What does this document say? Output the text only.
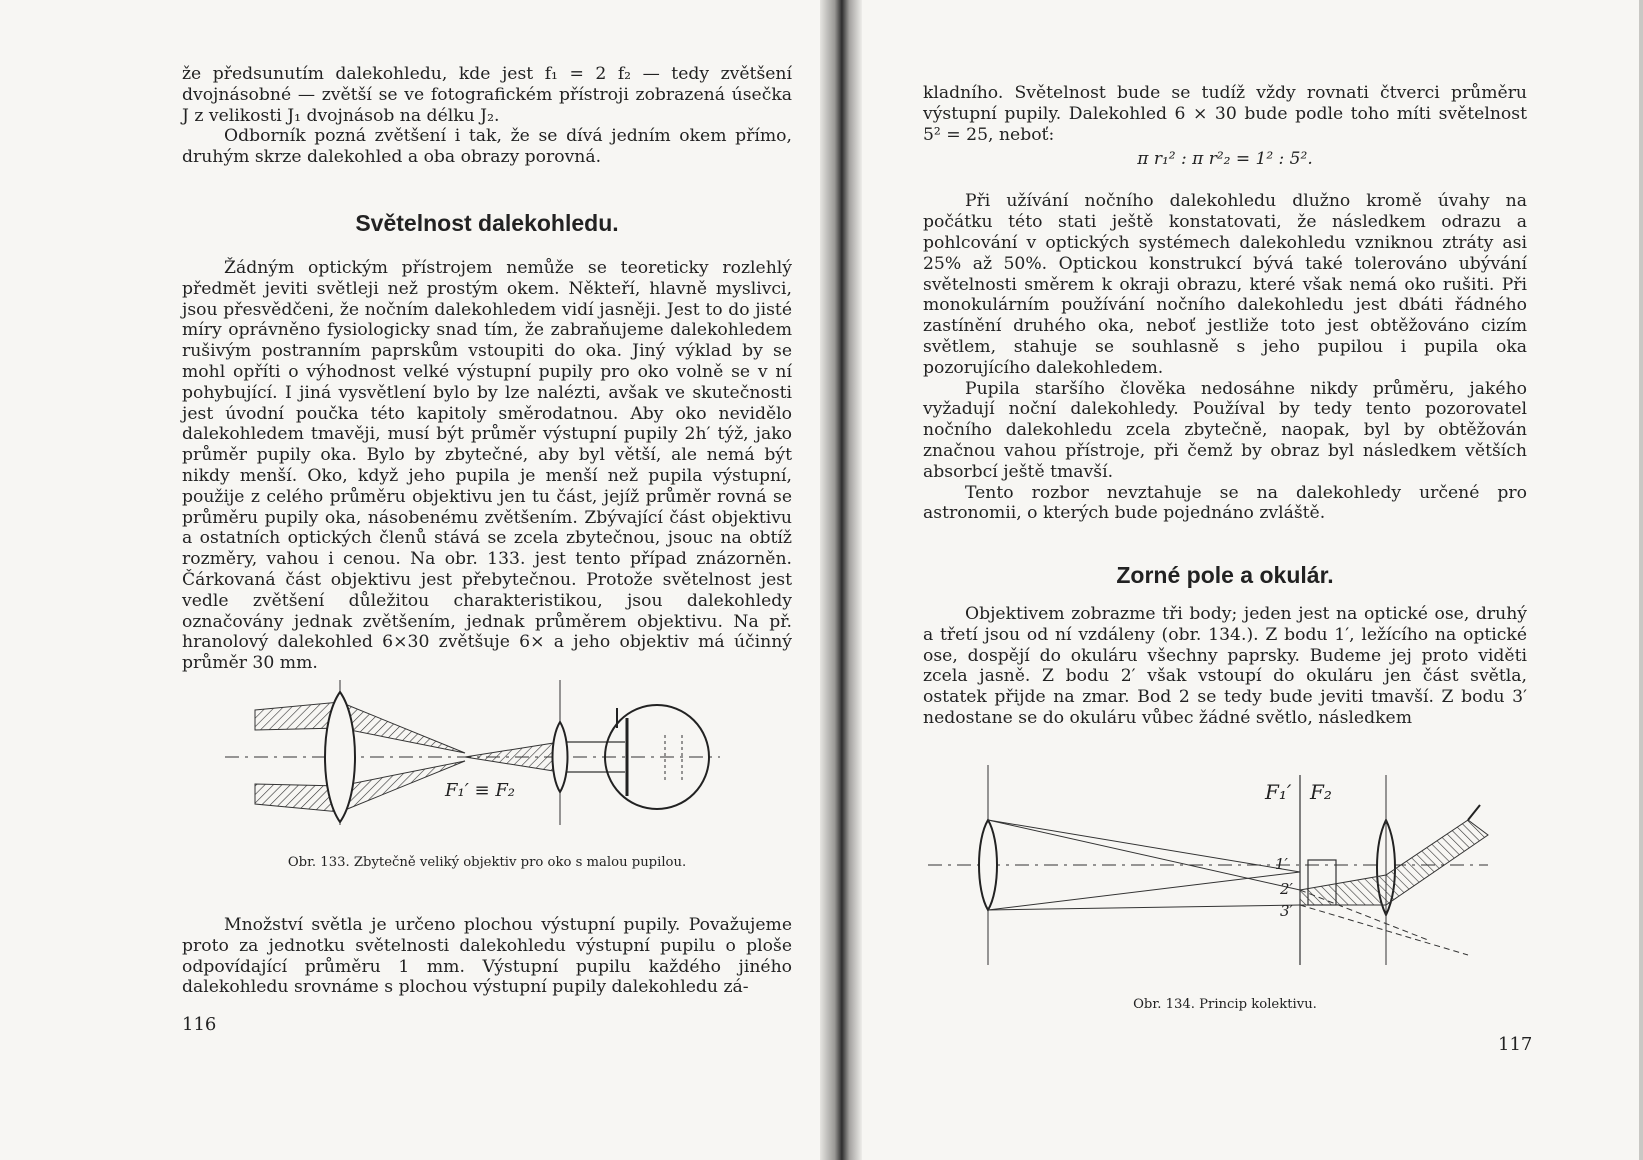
že předsunutím dalekohledu, kde jest f₁ = 2 f₂ — tedy zvětšení dvojnásobné — zvětší se ve fotografickém přístroji zobrazená úsečka J z velikosti J₁ dvojnásob na délku J₂.

Odborník pozná zvětšení i tak, že se dívá jedním okem přímo, druhým skrze dalekohled a oba obrazy porovná.

Světelnost dalekohledu.

Žádným optickým přístrojem nemůže se teoreticky rozlehlý předmět jeviti světleji než prostým okem. Někteří, hlavně myslivci, jsou přesvědčeni, že nočním dalekohledem vidí jasněji. Jest to do jisté míry oprávněno fysiologicky snad tím, že zabraňujeme dalekohledem rušivým postranním paprskům vstoupiti do oka. Jiný výklad by se mohl opříti o výhodnost velké výstupní pupily pro oko volně se v ní pohybující. I jiná vysvětlení bylo by lze nalézti, avšak ve skutečnosti jest úvodní poučka této kapitoly směrodatnou. Aby oko nevidělo dalekohledem tmavěji, musí být průměr výstupní pupily 2h′ týž, jako průměr pupily oka. Bylo by zbytečné, aby byl větší, ale nemá být nikdy menší. Oko, když jeho pupila je menší než pupila výstupní, použije z celého průměru objektivu jen tu část, jejíž průměr rovná se průměru pupily oka, násobenému zvětšením. Zbývající část objektivu a ostatních optických členů stává se zcela zbytečnou, jsouc na obtíž rozměry, vahou i cenou. Na obr. 133. jest tento případ znázorněn. Čárkovaná část objektivu jest přebytečnou. Protože světelnost jest vedle zvětšení důležitou charakteristikou, jsou dalekohledy označovány jednak zvětšením, jednak průměrem objektivu. Na př. hranolový dalekohled 6×30 zvětšuje 6× a jeho objektiv má účinný průměr 30 mm.

F₁′ ≡ F₂
Obr. 133. Zbytečně veliký objektiv pro oko s malou pupilou.

Množství světla je určeno plochou výstupní pupily. Považujeme proto za jednotku světelnosti dalekohledu výstupní pupilu o ploše odpovídající průměru 1 mm. Výstupní pupilu každého jiného dalekohledu srovnáme s plochou výstupní pupily dalekohledu zá-

116

kladního. Světelnost bude se tudíž vždy rovnati čtverci průměru výstupní pupily. Dalekohled 6 × 30 bude podle toho míti světelnost 5² = 25, neboť:

π r₁² : π r²₂ = 1² : 5².

Při užívání nočního dalekohledu dlužno kromě úvahy na počátku této stati ještě konstatovati, že následkem odrazu a pohlcování v optických systémech dalekohledu vzniknou ztráty asi 25% až 50%. Optickou konstrukcí bývá také tolerováno ubývání světelnosti směrem k okraji obrazu, které však nemá oko rušiti. Při monokulárním používání nočního dalekohledu jest dbáti řádného zastínění druhého oka, neboť jestliže toto jest obtěžováno cizím světlem, stahuje se souhlasně s jeho pupilou i pupila oka pozorujícího dalekohledem.

Pupila staršího člověka nedosáhne nikdy průměru, jakého vyžadují noční dalekohledy. Používal by tedy tento pozorovatel nočního dalekohledu zcela zbytečně, naopak, byl by obtěžován značnou vahou přístroje, při čemž by obraz byl následkem větších absorbcí ještě tmavší.

Tento rozbor nevztahuje se na dalekohledy určené pro astronomii, o kterých bude pojednáno zvláště.

Zorné pole a okulár.

Objektivem zobrazme tři body; jeden jest na optické ose, druhý a třetí jsou od ní vzdáleny (obr. 134.). Z bodu 1′, ležícího na optické ose, dospějí do okuláru všechny paprsky. Budeme jej proto viděti zcela jasně. Z bodu 2′ však vstoupí do okuláru jen část světla, ostatek přijde na zmar. Bod 2 se tedy bude jeviti tmavší. Z bodu 3′ nedostane se do okuláru vůbec žádné světlo, následkem

F₁′ F₂
1′
2′
3′
Obr. 134. Princip kolektivu.
117
